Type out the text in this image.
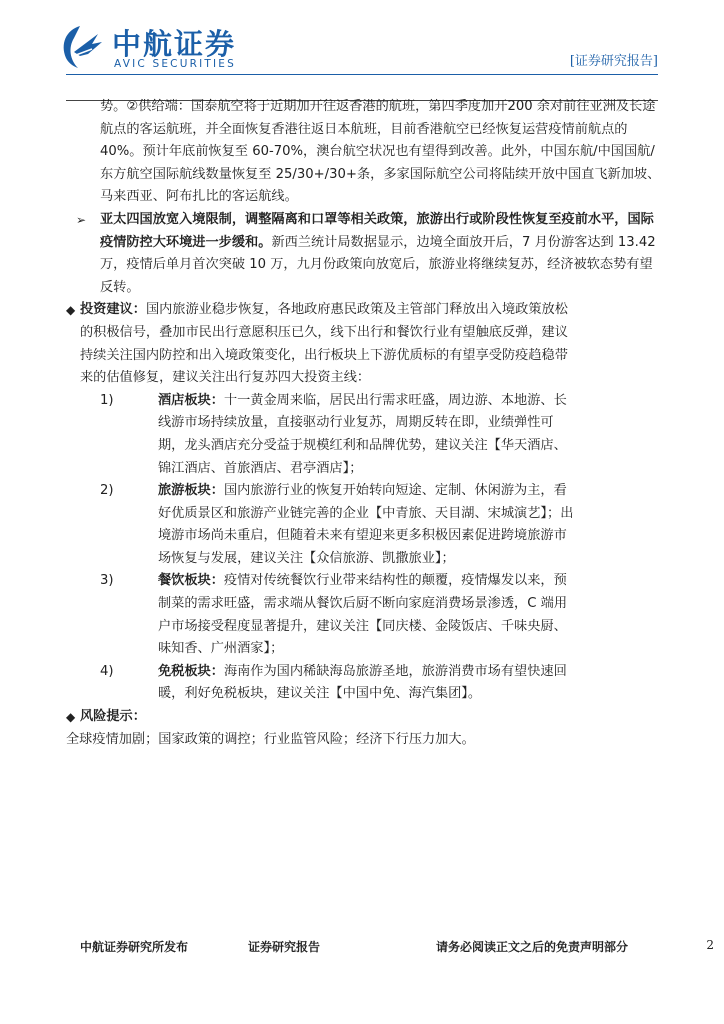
中航证券
AVIC SECURITIES	[证券研究报告]
势。②供给端：国泰航空将于近期加开往返香港的航班，第四季度加开200 余对前往亚洲及长途航点的客运航班，并全面恢复香港往返日本航班，目前香港航空已经恢复运营疫情前航点的 40%。预计年底前恢复至 60-70%，澳台航空状况也有望得到改善。此外，中国东航/中国国航/东方航空国际航线数量恢复至 25/30+/30+条，多家国际航空公司将陆续开放中国直飞新加坡、马来西亚、阿布扎比的客运航线。
➢ 亚太四国放宽入境限制，调整隔离和口罩等相关政策，旅游出行或阶段性恢复至疫前水平，国际疫情防控大环境进一步缓和。新西兰统计局数据显示，边境全面放开后，7 月份游客达到 13.42 万，疫情后单月首次突破 10 万，九月份政策向放宽后，旅游业将继续复苏，经济被软态势有望反转。
◆ 投资建议：国内旅游业稳步恢复，各地政府惠民政策及主管部门释放出入境政策放松的积极信号，叠加市民出行意愿积压已久，线下出行和餐饮行业有望触底反弹，建议持续关注国内防控和出入境政策变化，出行板块上下游优质标的有望享受防疫趋稳带来的估值修复，建议关注出行复苏四大投资主线：
1)	酒店板块：十一黄金周来临，居民出行需求旺盛，周边游、本地游、长线游市场持续放量，直接驱动行业复苏，周期反转在即，业绩弹性可期，龙头酒店充分受益于规模红利和品牌优势，建议关注【华天酒店、锦江酒店、首旅酒店、君亭酒店】；
2)	旅游板块：国内旅游行业的恢复开始转向短途、定制、休闲游为主，看好优质景区和旅游产业链完善的企业【中青旅、天目湖、宋城演艺】；出境游市场尚未重启，但随着未来有望迎来更多积极因素促进跨境旅游市场恢复与发展，建议关注【众信旅游、凯撒旅业】；
3)	餐饮板块：疫情对传统餐饮行业带来结构性的颠覆，疫情爆发以来，预制菜的需求旺盛，需求端从餐饮后厨不断向家庭消费场景渗透，C 端用户市场接受程度显著提升，建议关注【同庆楼、金陵饭店、千味央厨、味知香、广州酒家】；
4)	免税板块：海南作为国内稀缺海岛旅游圣地，旅游消费市场有望快速回暖，利好免税板块，建议关注【中国中免、海汽集团】。
◆ 风险提示：
全球疫情加剧；国家政策的调控；行业监管风险；经济下行压力加大。
中航证券研究所发布	证券研究报告	请务必阅读正文之后的免责声明部分	2
